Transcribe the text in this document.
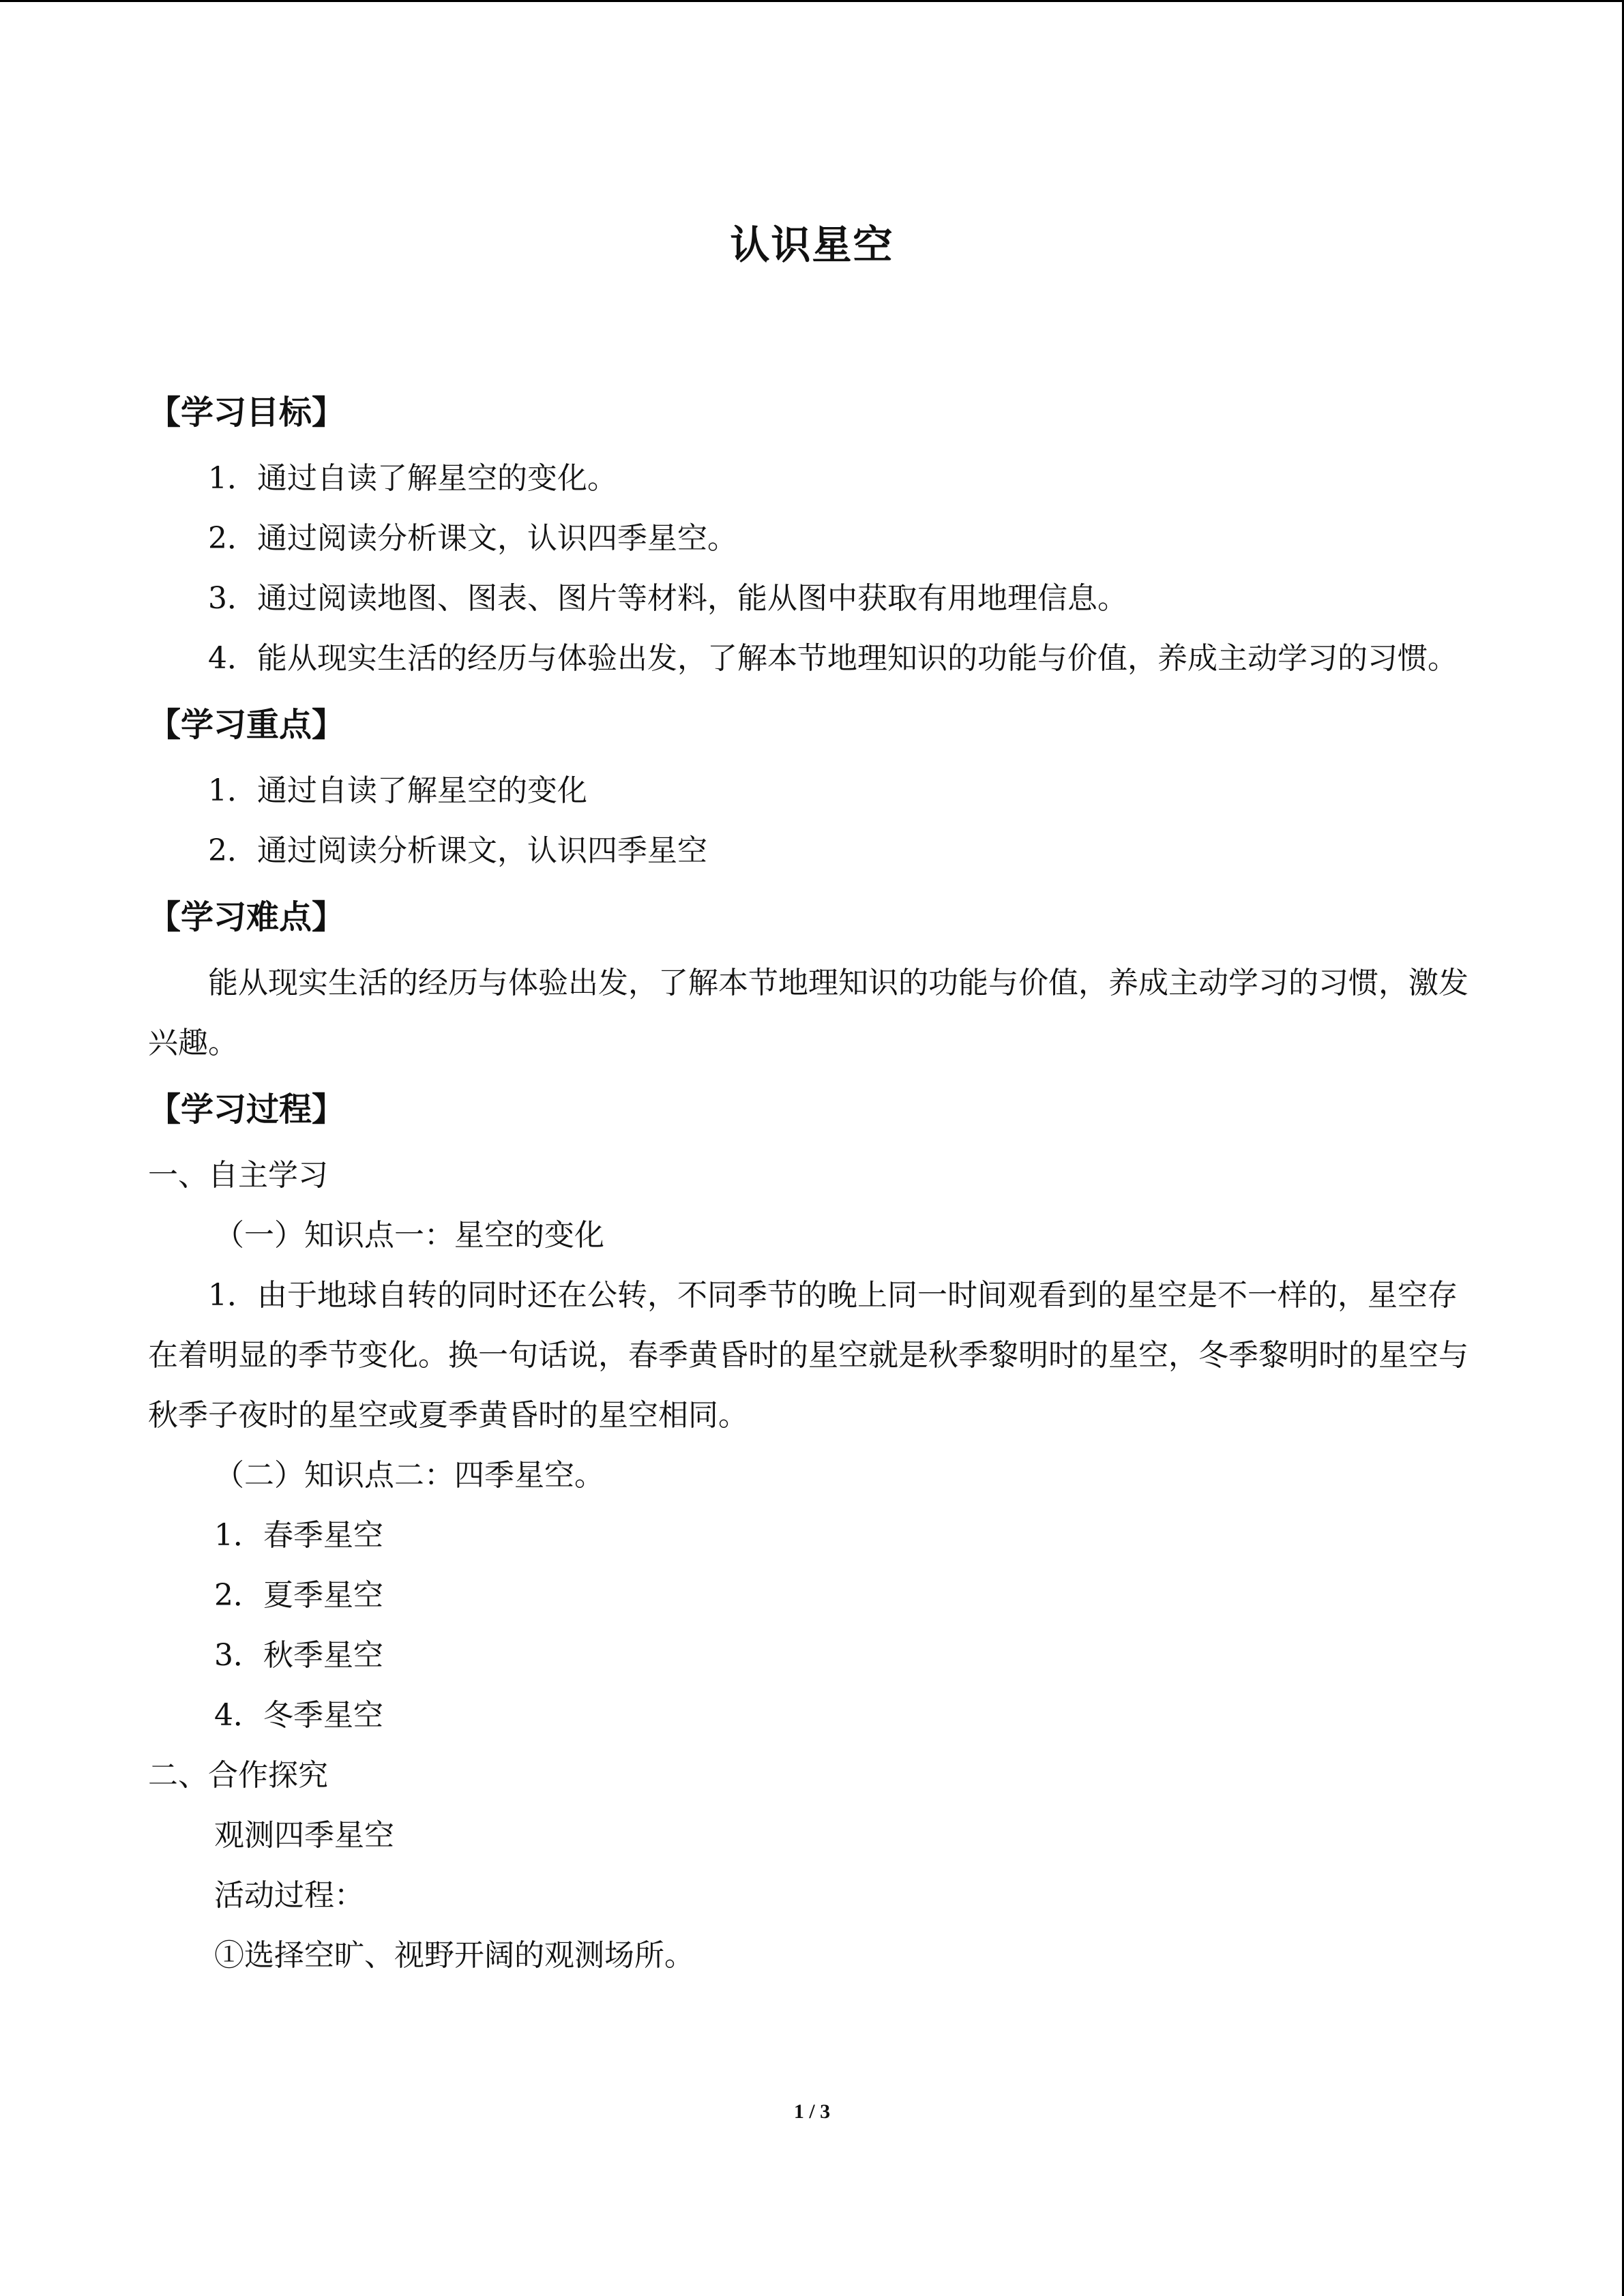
认识星空
【学习目标】
1．通过自读了解星空的变化。
2．通过阅读分析课文，认识四季星空。
3．通过阅读地图、图表、图片等材料，能从图中获取有用地理信息。
4．能从现实生活的经历与体验出发，了解本节地理知识的功能与价值，养成主动学习的习惯。
【学习重点】
1．通过自读了解星空的变化
2．通过阅读分析课文，认识四季星空
【学习难点】
能从现实生活的经历与体验出发，了解本节地理知识的功能与价值，养成主动学习的习惯，激发兴趣。
【学习过程】
一、自主学习
（一）知识点一：星空的变化
1．由于地球自转的同时还在公转，不同季节的晚上同一时间观看到的星空是不一样的，星空存在着明显的季节变化。换一句话说，春季黄昏时的星空就是秋季黎明时的星空，冬季黎明时的星空与秋季子夜时的星空或夏季黄昏时的星空相同。
（二）知识点二：四季星空。
1．春季星空
2．夏季星空
3．秋季星空
4．冬季星空
二、合作探究
观测四季星空
活动过程：
①选择空旷、视野开阔的观测场所。
1 / 3
